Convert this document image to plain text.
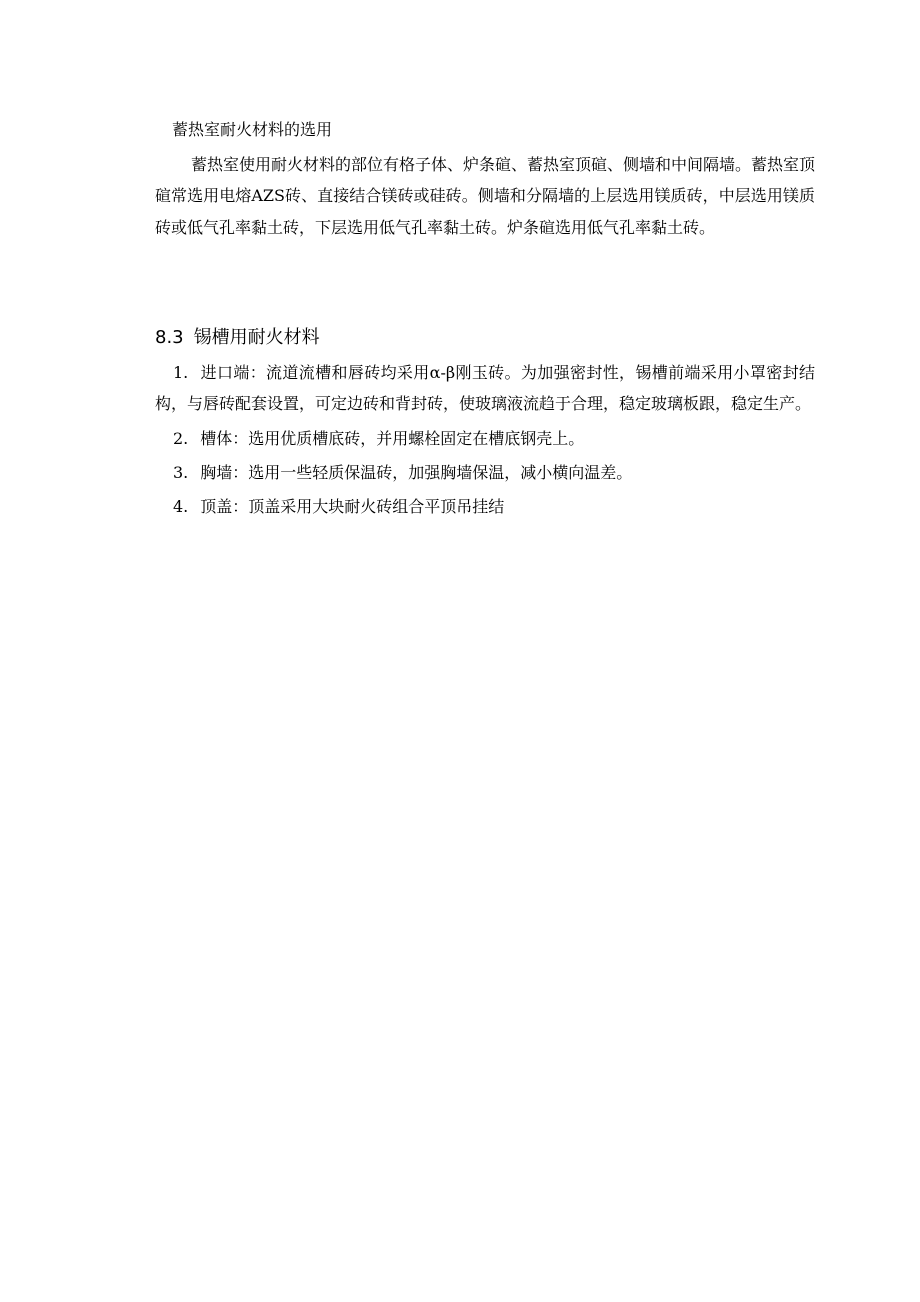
蓄热室耐火材料的选用

蓄热室使用耐火材料的部位有格子体、炉条碹、蓄热室顶碹、侧墙和中间隔墙。蓄热室顶碹常选用电熔AZS砖、直接结合镁砖或硅砖。侧墙和分隔墙的上层选用镁质砖，中层选用镁质砖或低气孔率黏土砖，下层选用低气孔率黏土砖。炉条碹选用低气孔率黏土砖。

8.3 锡槽用耐火材料
1. 进口端：流道流槽和唇砖均采用α-β刚玉砖。为加强密封性，锡槽前端采用小罩密封结构，与唇砖配套设置，可定边砖和背封砖，使玻璃液流趋于合理，稳定玻璃板跟，稳定生产。
2. 槽体：选用优质槽底砖，并用螺栓固定在槽底钢壳上。
3. 胸墙：选用一些轻质保温砖，加强胸墙保温，减小横向温差。
4. 顶盖：顶盖采用大块耐火砖组合平顶吊挂结
